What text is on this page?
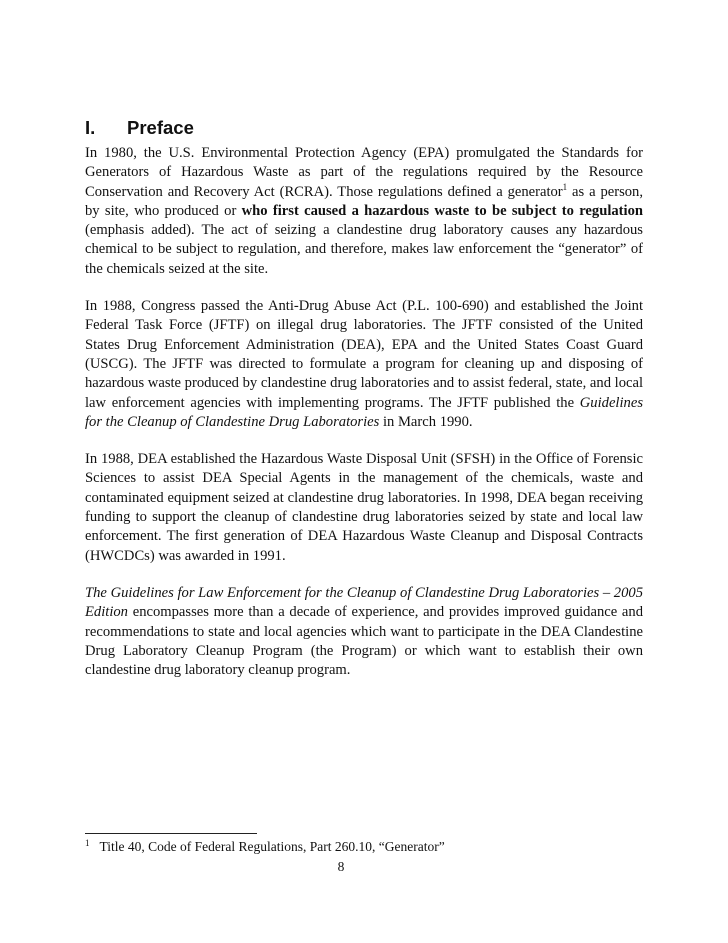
I. Preface

In 1980, the U.S. Environmental Protection Agency (EPA) promulgated the Standards for Generators of Hazardous Waste as part of the regulations required by the Resource Conservation and Recovery Act (RCRA). Those regulations defined a generator$^1$ as a person, by site, who produced or who first caused a hazardous waste to be subject to regulation (emphasis added). The act of seizing a clandestine drug laboratory causes any hazardous chemical to be subject to regulation, and therefore, makes law enforcement the “generator” of the chemicals seized at the site.

In 1988, Congress passed the Anti-Drug Abuse Act (P.L. 100-690) and established the Joint Federal Task Force (JFTF) on illegal drug laboratories. The JFTF consisted of the United States Drug Enforcement Administration (DEA), EPA and the United States Coast Guard (USCG). The JFTF was directed to formulate a program for cleaning up and disposing of hazardous waste produced by clandestine drug laboratories and to assist federal, state, and local law enforcement agencies with implementing programs. The JFTF published the Guidelines for the Cleanup of Clandestine Drug Laboratories in March 1990.

In 1988, DEA established the Hazardous Waste Disposal Unit (SFSH) in the Office of Forensic Sciences to assist DEA Special Agents in the management of the chemicals, waste and contaminated equipment seized at clandestine drug laboratories. In 1998, DEA began receiving funding to support the cleanup of clandestine drug laboratories seized by state and local law enforcement. The first generation of DEA Hazardous Waste Cleanup and Disposal Contracts (HWCDCs) was awarded in 1991.

The Guidelines for Law Enforcement for the Cleanup of Clandestine Drug Laboratories – 2005 Edition encompasses more than a decade of experience, and provides improved guidance and recommendations to state and local agencies which want to participate in the DEA Clandestine Drug Laboratory Cleanup Program (the Program) or which want to establish their own clandestine drug laboratory cleanup program.

$^1$ Title 40, Code of Federal Regulations, Part 260.10, “Generator”
8
